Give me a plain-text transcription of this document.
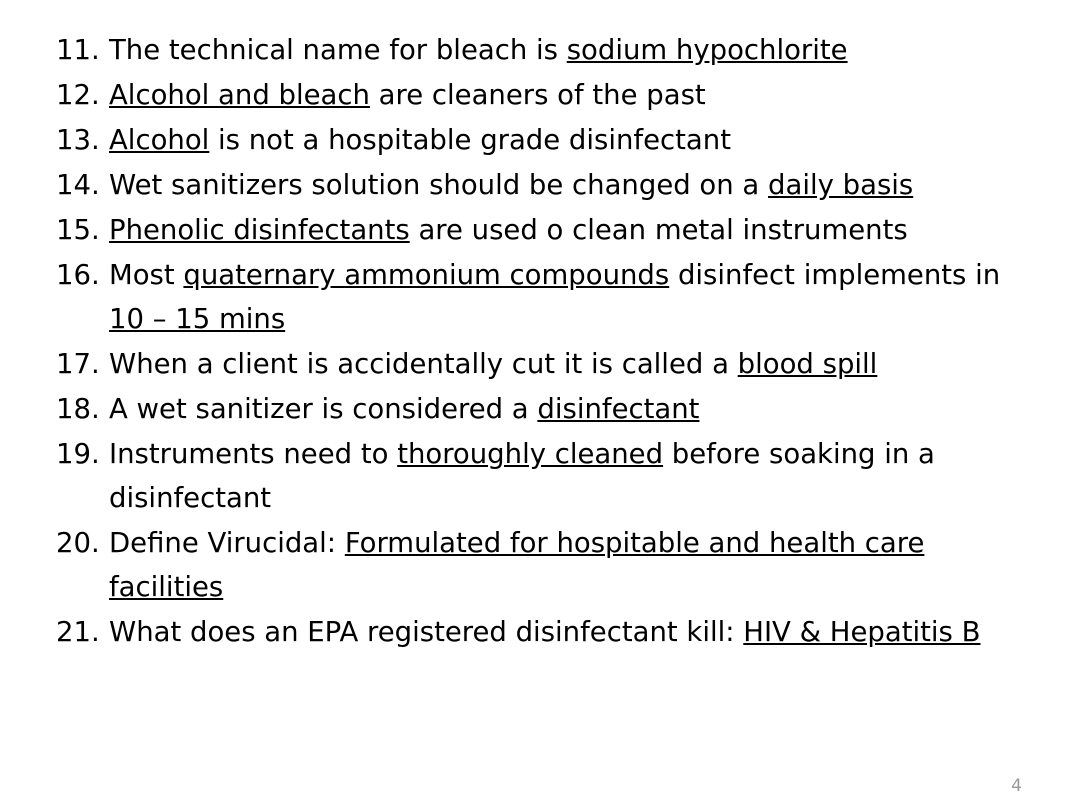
11. The technical name for bleach is sodium hypochlorite
12. Alcohol and bleach are cleaners of the past
13. Alcohol is not a hospitable grade disinfectant
14. Wet sanitizers solution should be changed on a daily basis
15. Phenolic disinfectants are used o clean metal instruments
16. Most quaternary ammonium compounds disinfect implements in 10 – 15 mins
17. When a client is accidentally cut it is called a blood spill
18. A wet sanitizer is considered a disinfectant
19. Instruments need to thoroughly cleaned before soaking in a disinfectant
20. Define Virucidal: Formulated for hospitable and health care facilities
21. What does an EPA registered disinfectant kill: HIV & Hepatitis B
4
